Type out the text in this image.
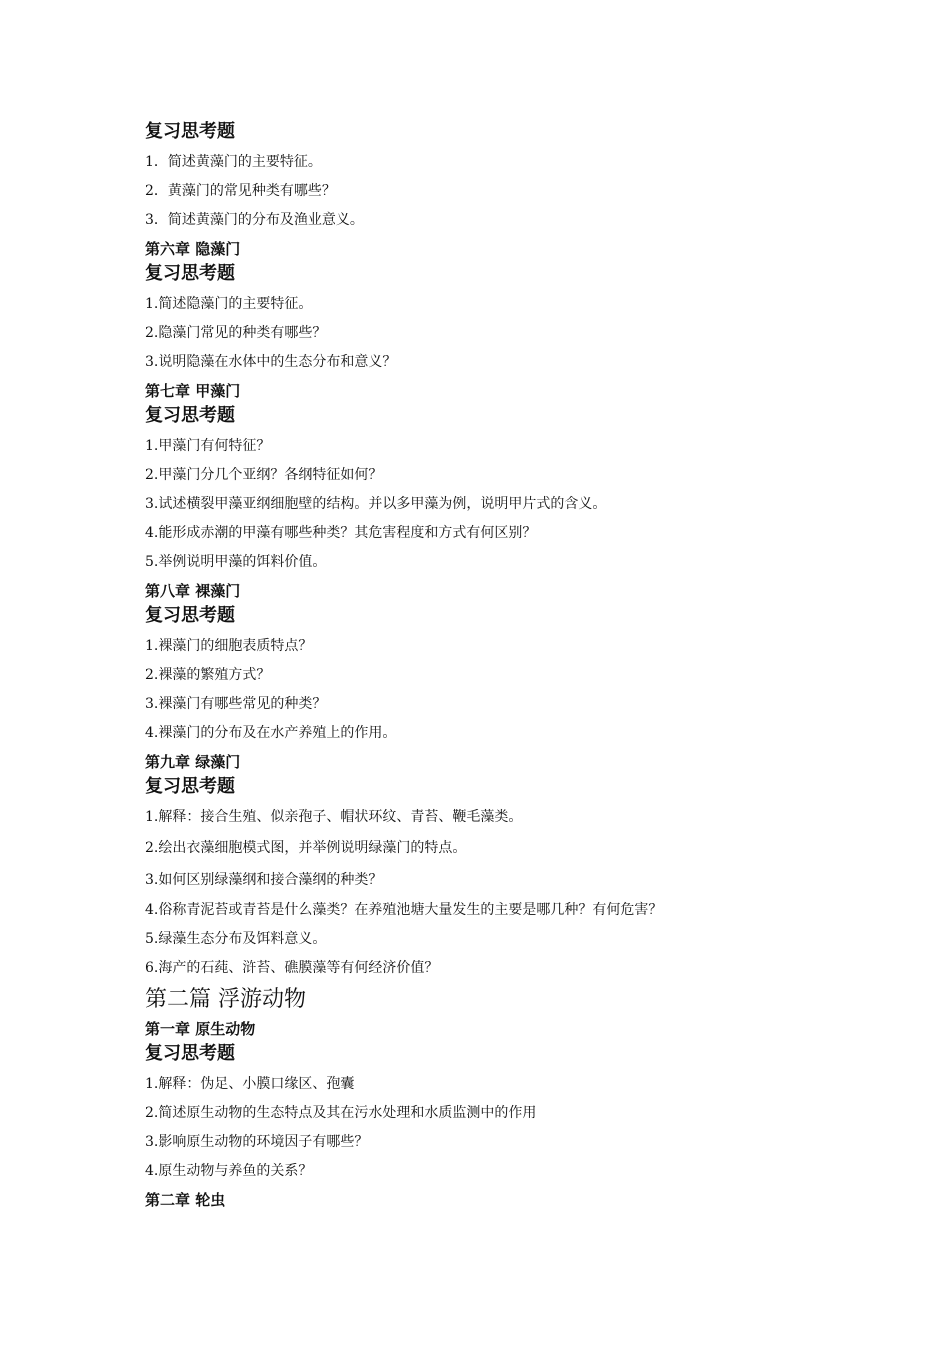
复习思考题
1．简述黄藻门的主要特征。
2．黄藻门的常见种类有哪些？
3．简述黄藻门的分布及渔业意义。
第六章 隐藻门
复习思考题
1.简述隐藻门的主要特征。
2.隐藻门常见的种类有哪些？
3.说明隐藻在水体中的生态分布和意义？
第七章 甲藻门
复习思考题
1.甲藻门有何特征？
2.甲藻门分几个亚纲？各纲特征如何？
3.试述横裂甲藻亚纲细胞壁的结构。并以多甲藻为例，说明甲片式的含义。
4.能形成赤潮的甲藻有哪些种类？其危害程度和方式有何区别？
5.举例说明甲藻的饵料价值。
第八章 裸藻门
复习思考题
1.裸藻门的细胞表质特点？
2.裸藻的繁殖方式？
3.裸藻门有哪些常见的种类？
4.裸藻门的分布及在水产养殖上的作用。
第九章 绿藻门
复习思考题
1.解释：接合生殖、似亲孢子、帽状环纹、青苔、鞭毛藻类。
2.绘出衣藻细胞模式图，并举例说明绿藻门的特点。
3.如何区别绿藻纲和接合藻纲的种类？
4.俗称青泥苔或青苔是什么藻类？在养殖池塘大量发生的主要是哪几种？有何危害？
5.绿藻生态分布及饵料意义。
6.海产的石莼、浒苔、礁膜藻等有何经济价值？
第二篇 浮游动物
第一章 原生动物
复习思考题
1.解释：伪足、小膜口缘区、孢囊
2.简述原生动物的生态特点及其在污水处理和水质监测中的作用
3.影响原生动物的环境因子有哪些？
4.原生动物与养鱼的关系？
第二章 轮虫
